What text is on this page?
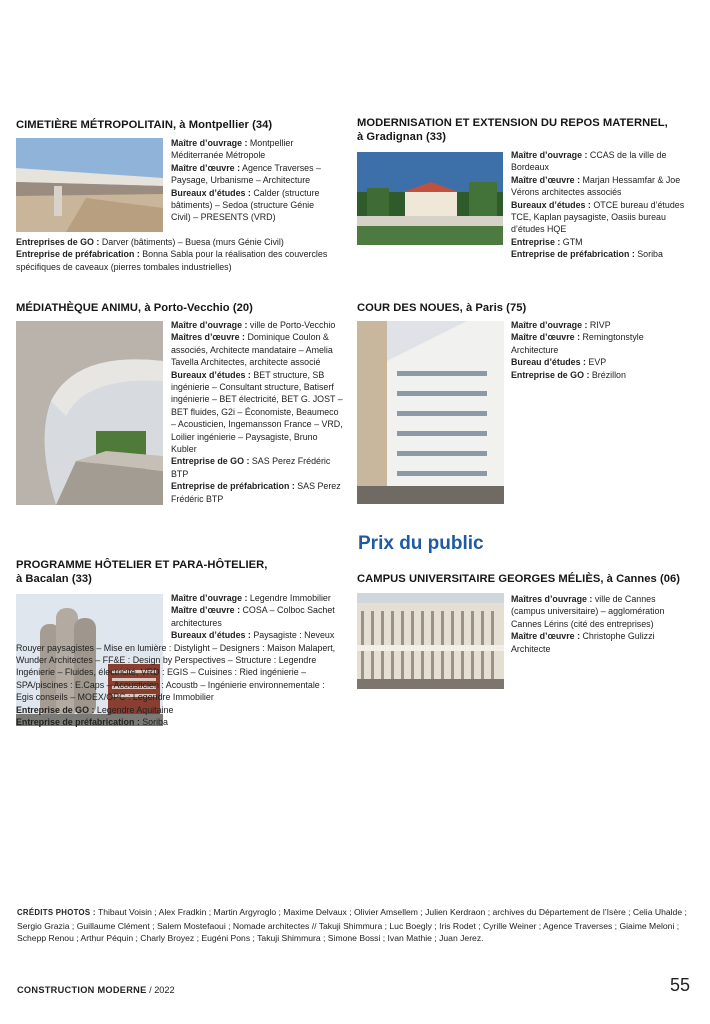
CIMETIÈRE MÉTROPOLITAIN, à Montpellier (34)
Maître d’ouvrage : Montpellier Méditerranée Métropole
Maître d’œuvre : Agence Traverses – Paysage, Urbanisme – Architecture
Bureaux d’études : Calder (structure bâtiments) – Sedoa (structure Génie Civil) – PRESENTS (VRD)
Entreprises de GO : Darver (bâtiments) – Buesa (murs Génie Civil)
Entreprise de préfabrication : Bonna Sabla pour la réalisation des couvercles spécifiques de caveaux (pierres tombales industrielles)
MODERNISATION ET EXTENSION DU REPOS MATERNEL,
à Gradignan (33)
Maître d’ouvrage : CCAS de la ville de Bordeaux
Maître d’œuvre : Marjan Hessamfar & Joe Vérons architectes associés
Bureaux d’études : OTCE bureau d’études TCE, Kaplan paysagiste, Oasiis bureau d’études HQE
Entreprise : GTM
Entreprise de préfabrication : Soriba
MÉDIATHÈQUE ANIMU, à Porto-Vecchio (20)
Maître d’ouvrage : ville de Porto-Vecchio
Maîtres d’œuvre : Dominique Coulon & associés, Architecte mandataire – Amelia Tavella Architectes, architecte associé
Bureaux d’études : BET structure, SB ingénierie – Consultant structure, Batiserf ingénierie – BET électricité, BET G. JOST – BET fluides, G2i – Économiste, Beaumeco – Acousticien, Ingemansson France – VRD, Loilier ingénierie – Paysagiste, Bruno Kubler
Entreprise de GO : SAS Perez Frédéric BTP
Entreprise de préfabrication : SAS Perez Frédéric BTP
COUR DES NOUES, à Paris (75)
Maître d’ouvrage : RIVP
Maître d’œuvre : Remingtonstyle Architecture
Bureau d’études : EVP
Entreprise de GO : Brézillon
Prix du public
CAMPUS UNIVERSITAIRE GEORGES MÉLIÈS, à Cannes (06)
Maîtres d’ouvrage : ville de Cannes (campus universitaire) – agglomération Cannes Lérins (cité des entreprises)
Maître d’œuvre : Christophe Gulizzi Architecte
PROGRAMME HÔTELIER ET PARA-HÔTELIER,
à Bacalan (33)
Maître d’ouvrage : Legendre Immobilier
Maître d’œuvre : COSA – Colboc Sachet architectures
Bureaux d’études : Paysagiste : Neveux Rouyer paysagistes – Mise en lumière : Distylight – Designers : Maison Malapert, Wunder Architectes – FF&E : Design by Perspectives – Structure : Legendre Ingénierie – Fluides, électricité, VRD : EGIS – Cuisines : Ried ingénierie – SPA/piscines : E.Caps – Acousticien : Acoustb – Ingénierie environnementale : Egis conseils – MOEX/OPC : Legendre Immobilier
Entreprise de GO : Legendre Aquitaine
Entreprise de préfabrication : Soriba
CRÉDITS PHOTOS : Thibaut Voisin ; Alex Fradkin ; Martin Argyroglo ; Maxime Delvaux ; Olivier Amsellem ; Julien Kerdraon ; archives du Département de l’Isère ; Celia Uhalde ; Sergio Grazia ; Guillaume Clément ; Salem Mostefaoui ; Nomade architectes // Takuji Shimmura ; Luc Boegly ; Iris Rodet ; Cyrille Weiner ; Agence Traverses ; Giaime Meloni ; Schepp Renou ; Arthur Péquin ; Charly Broyez ; Eugéni Pons ; Takuji Shimmura ; Simone Bossi ; Ivan Mathie ; Juan Jerez.
CONSTRUCTION MODERNE / 2022	55
